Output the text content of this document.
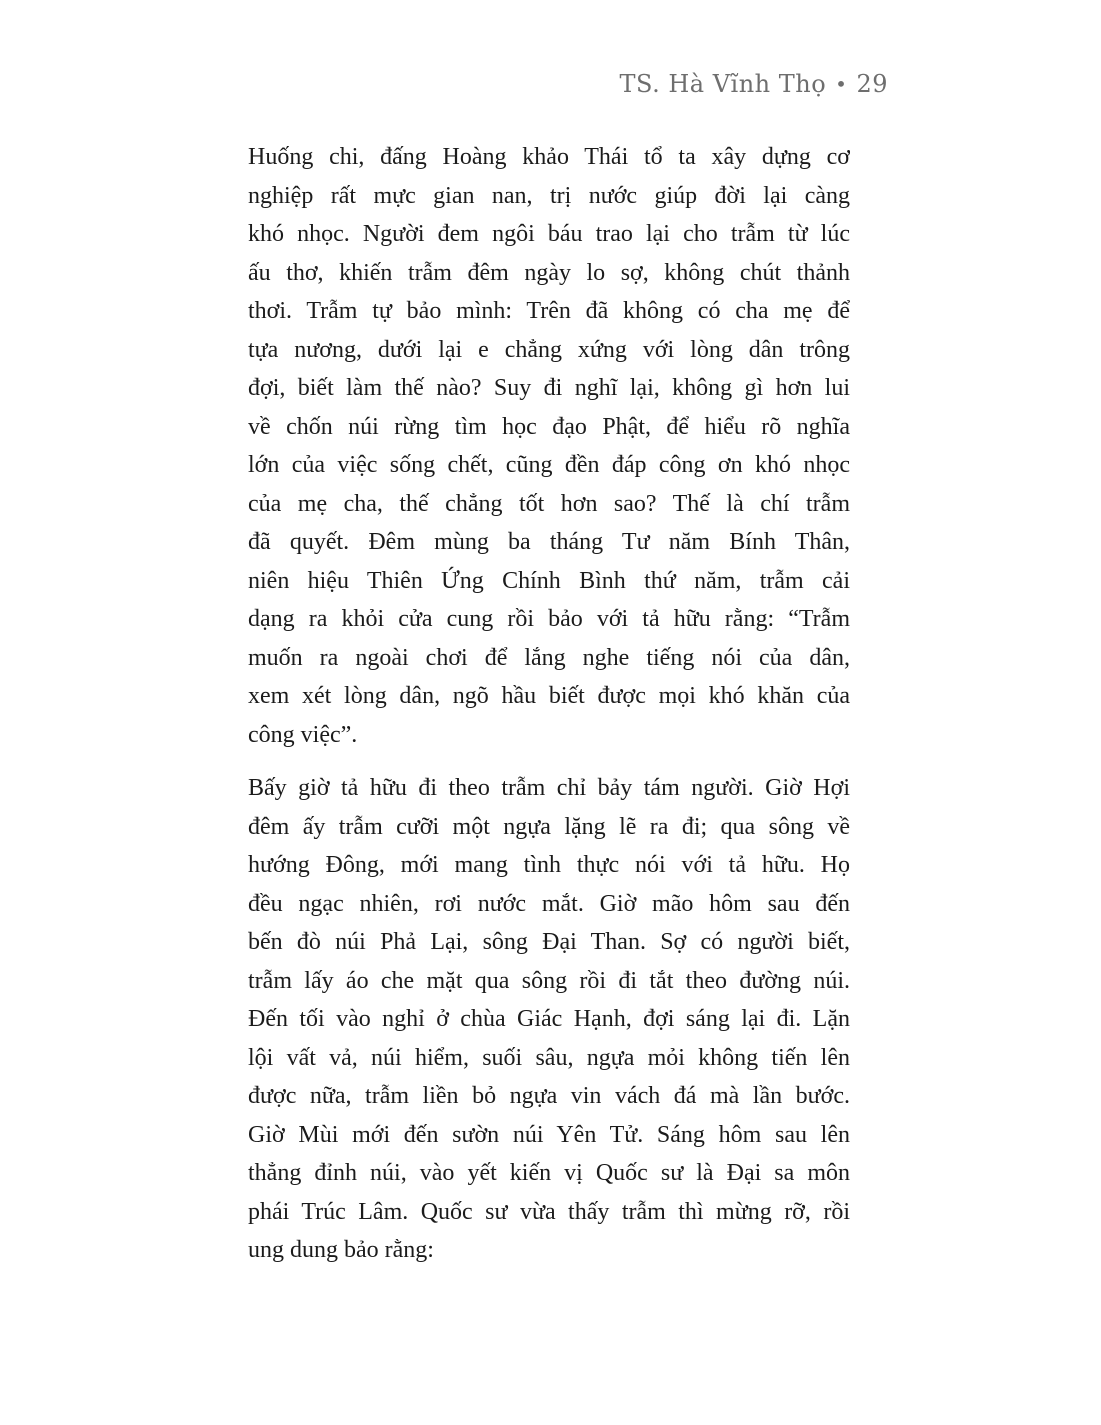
TS. Hà Vĩnh Thọ • 29

Huống chi, đấng Hoàng khảo Thái tổ ta xây dựng cơ
nghiệp rất mực gian nan, trị nước giúp đời lại càng
khó nhọc. Người đem ngôi báu trao lại cho trẫm từ lúc
ấu thơ, khiến trẫm đêm ngày lo sợ, không chút thảnh
thơi. Trẫm tự bảo mình: Trên đã không có cha mẹ để
tựa nương, dưới lại e chẳng xứng với lòng dân trông
đợi, biết làm thế nào? Suy đi nghĩ lại, không gì hơn lui
về chốn núi rừng tìm học đạo Phật, để hiểu rõ nghĩa
lớn của việc sống chết, cũng đền đáp công ơn khó nhọc
của mẹ cha, thế chẳng tốt hơn sao? Thế là chí trẫm
đã quyết. Đêm mùng ba tháng Tư năm Bính Thân,
niên hiệu Thiên Ứng Chính Bình thứ năm, trẫm cải
dạng ra khỏi cửa cung rồi bảo với tả hữu rằng: “Trẫm
muốn ra ngoài chơi để lắng nghe tiếng nói của dân,
xem xét lòng dân, ngõ hầu biết được mọi khó khăn của
công việc”.

Bấy giờ tả hữu đi theo trẫm chỉ bảy tám người. Giờ Hợi
đêm ấy trẫm cưỡi một ngựa lặng lẽ ra đi; qua sông về
hướng Đông, mới mang tình thực nói với tả hữu. Họ
đều ngạc nhiên, rơi nước mắt. Giờ mão hôm sau đến
bến đò núi Phả Lại, sông Đại Than. Sợ có người biết,
trẫm lấy áo che mặt qua sông rồi đi tắt theo đường núi.
Đến tối vào nghỉ ở chùa Giác Hạnh, đợi sáng lại đi. Lặn
lội vất vả, núi hiểm, suối sâu, ngựa mỏi không tiến lên
được nữa, trẫm liền bỏ ngựa vin vách đá mà lần bước.
Giờ Mùi mới đến sườn núi Yên Tử. Sáng hôm sau lên
thẳng đỉnh núi, vào yết kiến vị Quốc sư là Đại sa môn
phái Trúc Lâm. Quốc sư vừa thấy trẫm thì mừng rỡ, rồi
ung dung bảo rằng:
